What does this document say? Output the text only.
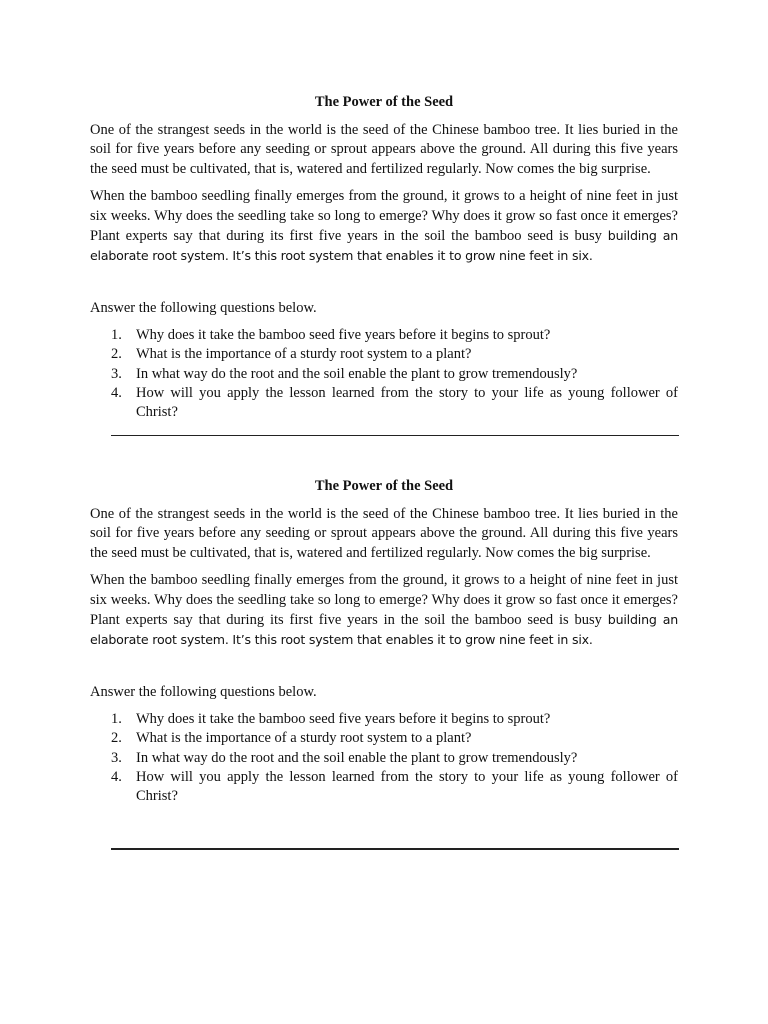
The Power of the Seed

One of the strangest seeds in the world is the seed of the Chinese bamboo tree. It lies buried in the soil for five years before any seeding or sprout appears above the ground. All during this five years the seed must be cultivated, that is, watered and fertilized regularly. Now comes the big surprise.

When the bamboo seedling finally emerges from the ground, it grows to a height of nine feet in just six weeks. Why does the seedling take so long to emerge? Why does it grow so fast once it emerges? Plant experts say that during its first five years in the soil the bamboo seed is busy building an elaborate root system. It’s this root system that enables it to grow nine feet in six.

Answer the following questions below.
1. Why does it take the bamboo seed five years before it begins to sprout?
2. What is the importance of a sturdy root system to a plant?
3. In what way do the root and the soil enable the plant to grow tremendously?
4. How will you apply the lesson learned from the story to your life as young follower of Christ?
The Power of the Seed

One of the strangest seeds in the world is the seed of the Chinese bamboo tree. It lies buried in the soil for five years before any seeding or sprout appears above the ground. All during this five years the seed must be cultivated, that is, watered and fertilized regularly. Now comes the big surprise.

When the bamboo seedling finally emerges from the ground, it grows to a height of nine feet in just six weeks. Why does the seedling take so long to emerge? Why does it grow so fast once it emerges? Plant experts say that during its first five years in the soil the bamboo seed is busy building an elaborate root system. It’s this root system that enables it to grow nine feet in six.

Answer the following questions below.
1. Why does it take the bamboo seed five years before it begins to sprout?
2. What is the importance of a sturdy root system to a plant?
3. In what way do the root and the soil enable the plant to grow tremendously?
4. How will you apply the lesson learned from the story to your life as young follower of Christ?
